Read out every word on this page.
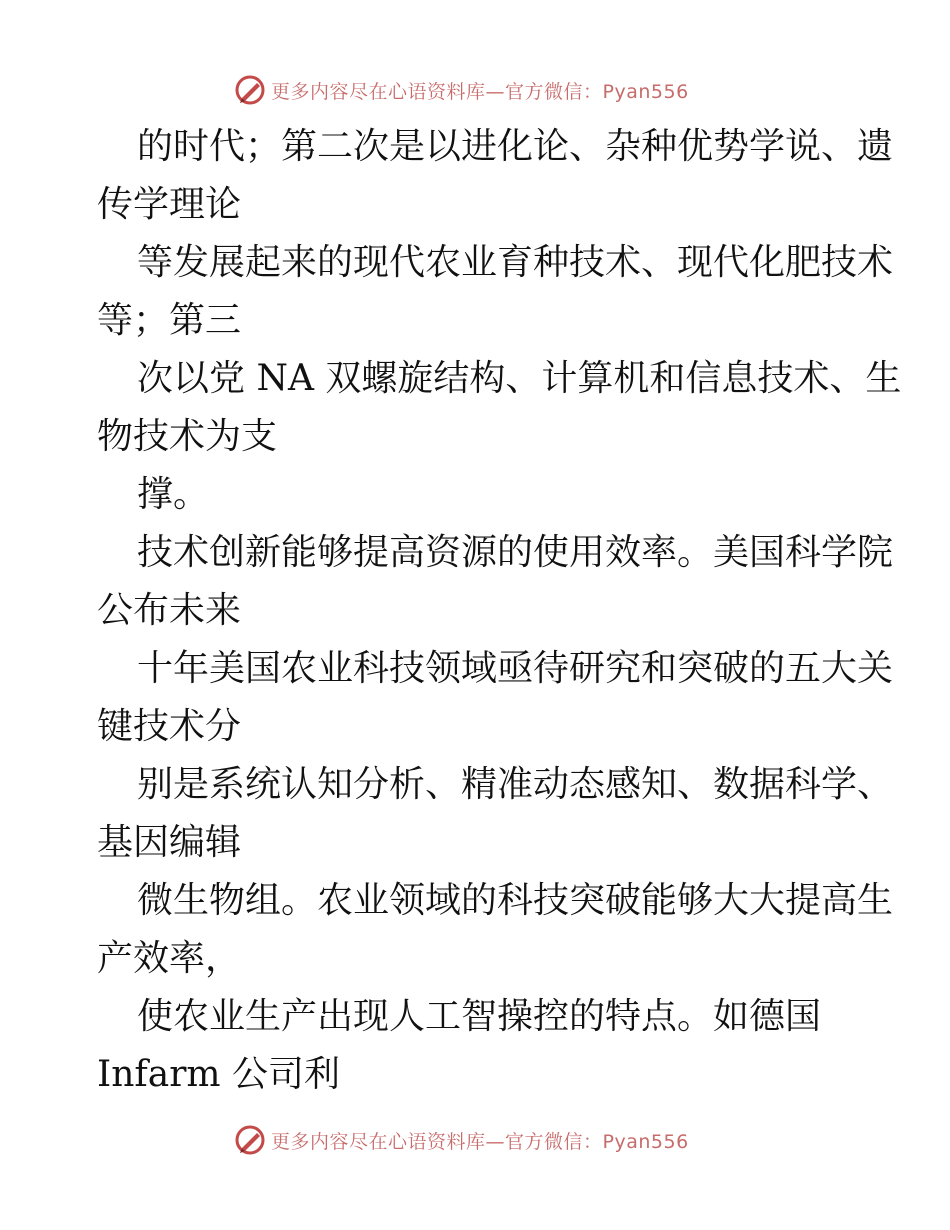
更多内容尽在心语资料库—官方微信：Pyan556
的时代；第二次是以进化论、杂种优势学说、遗
传学理论
等发展起来的现代农业育种技术、现代化肥技术
等；第三
次以党 NA 双螺旋结构、计算机和信息技术、生
物技术为支
撑。
技术创新能够提高资源的使用效率。美国科学院
公布未来
十年美国农业科技领域亟待研究和突破的五大关
键技术分
别是系统认知分析、精准动态感知、数据科学、
基因编辑
微生物组。农业领域的科技突破能够大大提高生
产效率，
使农业生产出现人工智操控的特点。如德国
Infarm 公司利
更多内容尽在心语资料库—官方微信：Pyan556
